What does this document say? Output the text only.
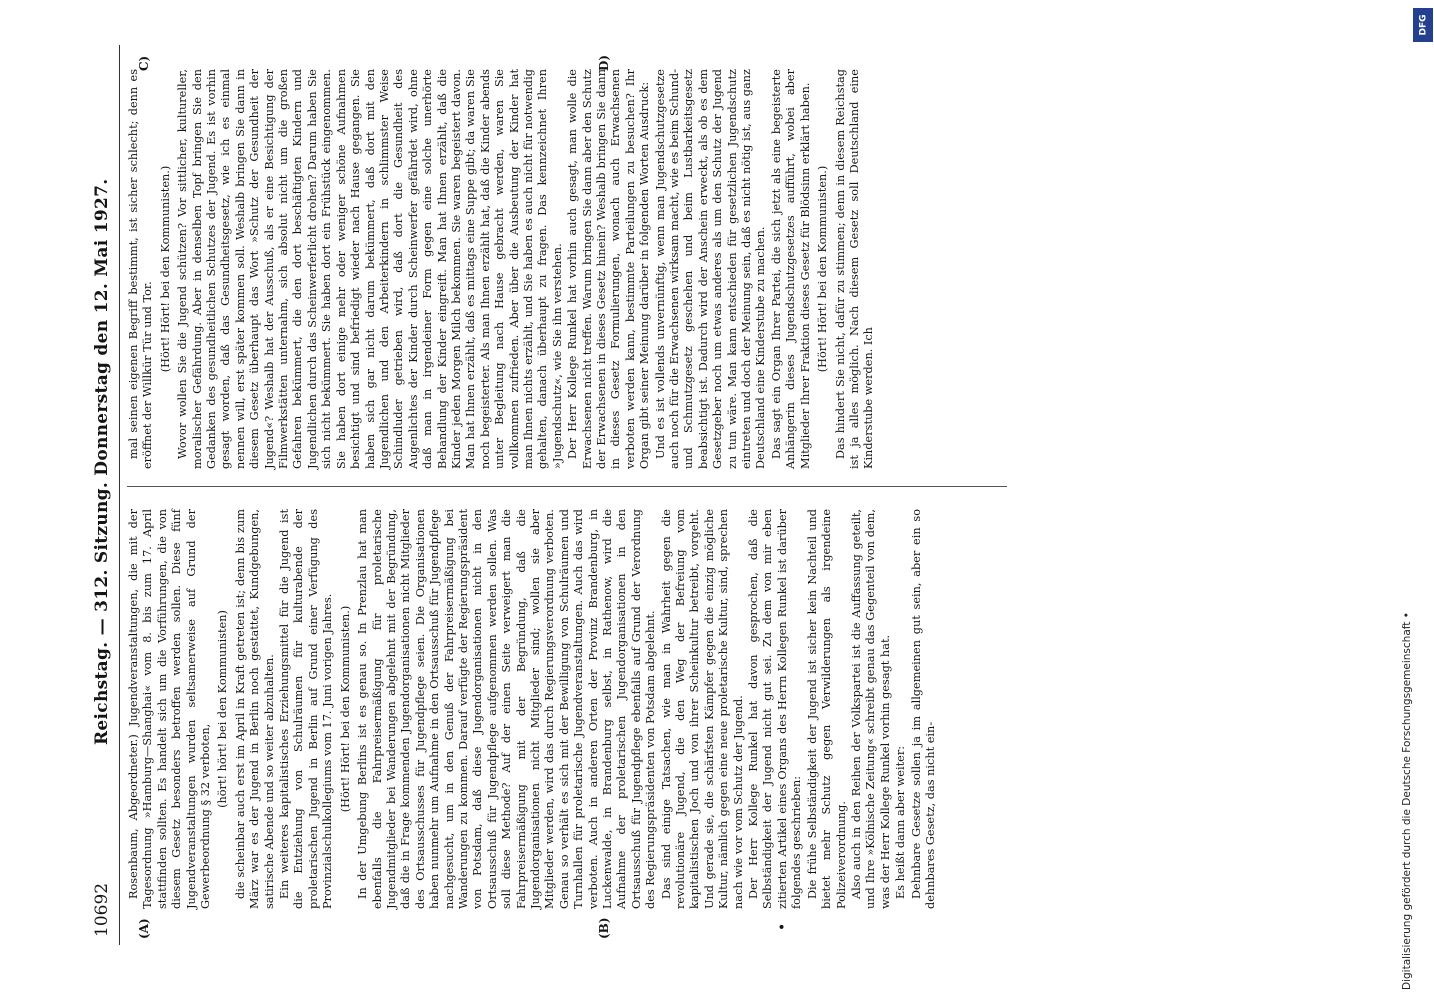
10692
Reichstag. — 312. Sitzung. Donnerstag den 12. Mai 1927.
(A)	(B)
C)	D)
•

Rosenbaum, Abgeordneter.) Jugendveranstaltungen, die mit der Tagesordnung »Hamburg—Shanghai« vom 8. bis zum 17. April stattfinden sollten. Es handelt sich um die Vorführungen, die von diesem Gesetz besonders betroffen werden sollen. Diese fünf Jugendveranstaltungen wurden seltsamerweise auf Grund der Gewerbeordnung § 32 verboten,

(hört! hört! bei den Kommunisten) die scheinbar auch erst im April in Kraft getreten ist; denn bis zum März war es der Jugend in Berlin noch gestattet, Kundgebungen, satirische Abende und so weiter abzuhalten. Ein weiteres kapitalistisches Erziehungsmittel für die Jugend ist die Entziehung von Schulräumen für kulturabende der proletarischen Jugend in Berlin auf Grund einer Verfügung des Provinzialschulkollegiums vom 17. Juni vorigen Jahres. (Hört! Hört! bei den Kommunisten.) In der Umgebung Berlins ist es genau so. In Prenzlau hat man ebenfalls die Fahrpreisermäßigung für proletarische Jugendmitglieder bei Wanderungen abgelehnt mit der Begründung, daß die in Frage kommenden Jugendorganisationen nicht Mitglieder des Ortsausschusses für Jugendpflege seien. Die Organisationen haben nunmehr um Aufnahme in den Ortsausschuß für Jugendpflege nachgesucht, um in den Genuß der Fahrpreisermäßigung bei Wanderungen zu kommen. Darauf verfügte der Regierungspräsident von Potsdam, daß diese Jugendorganisationen nicht in den Ortsausschuß für Jugendpflege aufgenommen werden sollen. Was soll diese Methode? Auf der einen Seite verweigert man die Fahrpreisermäßigung mit der Begründung, daß die Jugendorganisationen nicht Mitglieder sind; wollen sie aber Mitglieder werden, wird das durch Regierungsverordnung verboten. Genau so verhält es sich mit der Bewilligung von Schulräumen und Turnhallen für proletarische Jugendveranstaltungen. Auch das wird verboten. Auch in anderen Orten der Provinz Brandenburg, in Luckenwalde, in Brandenburg selbst, in Rathenow, wird die Aufnahme der proletarischen Jugendorganisationen in den Ortsausschuß für Jugendpflege ebenfalls auf Grund der Verordnung des Regierungspräsidenten von Potsdam abgelehnt. Das sind einige Tatsachen, wie man in Wahrheit gegen die revolutionäre Jugend, die den Weg der Befreiung vom kapitalistischen Joch und von ihrer Scheinkultur betreibt, vorgeht. Und gerade sie, die schärfsten Kämpfer gegen die einzig mögliche Kultur, nämlich gegen eine neue proletarische Kultur, sind, sprechen nach wie vor vom Schutz der Jugend. Der Herr Kollege Runkel hat davon gesprochen, daß die Selbständigkeit der Jugend nicht gut sei. Zu dem von mir eben zitierten Artikel eines Organs des Herrn Kollegen Runkel ist darüber folgendes geschrieben: Die frühe Selbständigkeit der Jugend ist sicher kein Nachteil und bietet mehr Schutz gegen Verwilderungen als irgendeine Polizeiverordnung. Also auch in den Reihen der Volkspartei ist die Auffassung geteilt, und Ihre »Kölnische Zeitung« schreibt genau das Gegenteil von dem, was der Herr Kollege Runkel vorhin gesagt hat. Es heißt dann aber weiter: Dehnbare Gesetze sollen ja im allgemeinen gut sein, aber ein so dehnbares Gesetz, das nicht ein-

mal seinen eigenen Begriff bestimmt, ist sicher schlecht; denn es eröffnet der Willkür Tür und Tor.

(Hört! Hört! bei den Kommunisten.) Wovor wollen Sie die Jugend schützen? Vor sittlicher, kultureller, moralischer Gefährdung. Aber in denselben Topf bringen Sie den Gedanken des gesundheitlichen Schutzes der Jugend. Es ist vorhin gesagt worden, daß das Gesundheitsgesetz, wie ich es einmal nennen will, erst später kommen soll. Weshalb bringen Sie dann in diesem Gesetz überhaupt das Wort »Schutz der Gesundheit der Jugend«? Weshalb hat der Ausschuß, als er eine Besichtigung der Filmwerkstätten unternahm, sich absolut nicht um die großen Gefahren bekümmert, die den dort beschäftigten Kindern und Jugendlichen durch das Scheinwerferlicht drohen? Darum haben Sie sich nicht bekümmert. Sie haben dort ein Frühstück eingenommen. Sie haben dort einige mehr oder weniger schöne Aufnahmen besichtigt und sind befriedigt wieder nach Hause gegangen. Sie haben sich gar nicht darum bekümmert, daß dort mit den Jugendlichen und den Arbeiterkindern in schlimmster Weise Schindluder getrieben wird, daß dort die Gesundheit des Augenlichtes der Kinder durch Scheinwerfer gefährdet wird, ohne daß man in irgendeiner Form gegen eine solche unerhörte Behandlung der Kinder eingreift. Man hat Ihnen erzählt, daß die Kinder jeden Morgen Milch bekommen. Sie waren begeistert davon. Man hat Ihnen erzählt, daß es mittags eine Suppe gibt; da waren Sie noch begeisterter. Als man Ihnen erzählt hat, daß die Kinder abends unter Begleitung nach Hause gebracht werden, waren Sie vollkommen zufrieden. Aber über die Ausbeutung der Kinder hat man Ihnen nichts erzählt, und Sie haben es auch nicht für notwendig gehalten, danach überhaupt zu fragen. Das kennzeichnet Ihren »Jugendschutz«, wie Sie ihn verstehen. Der Herr Kollege Runkel hat vorhin auch gesagt, man wolle die Erwachsenen nicht treffen. Warum bringen Sie dann aber den Schutz der Erwachsenen in dieses Gesetz hinein? Weshalb bringen Sie dann in dieses Gesetz Formulierungen, wonach auch Erwachsenen verboten werden kann, bestimmte Parteilungen zu besuchen? Ihr Organ gibt seiner Meinung darüber in folgenden Worten Ausdruck: Und es ist vollends unvernünftig, wenn man Jugendschutzgesetze auch noch für die Erwachsenen wirksam macht, wie es beim Schund- und Schmutzgesetz geschehen und beim Lustbarkeitsgesetz beabsichtigt ist. Dadurch wird der Anschein erweckt, als ob es dem Gesetzgeber noch um etwas anderes als um den Schutz der Jugend zu tun wäre. Man kann entschieden für gesetzlichen Jugendschutz eintreten und doch der Meinung sein, daß es nicht nötig ist, aus ganz Deutschland eine Kinderstube zu machen. Das sagt ein Organ Ihrer Partei, die sich jetzt als eine begeisterte Anhängerin dieses Jugendschutzgesetzes aufführt, wobei aber Mitglieder Ihrer Fraktion dieses Gesetz für Blödsinn erklärt haben. (Hört! Hört! bei den Kommunisten.) Das hindert Sie nicht, dafür zu stimmen; denn in diesem Reichstag ist ja alles möglich. Nach diesem Gesetz soll Deutschland eine Kinderstube werden. Ich

Digitalisierung gefördert durch die Deutsche Forschungsgemeinschaft •
DFG
